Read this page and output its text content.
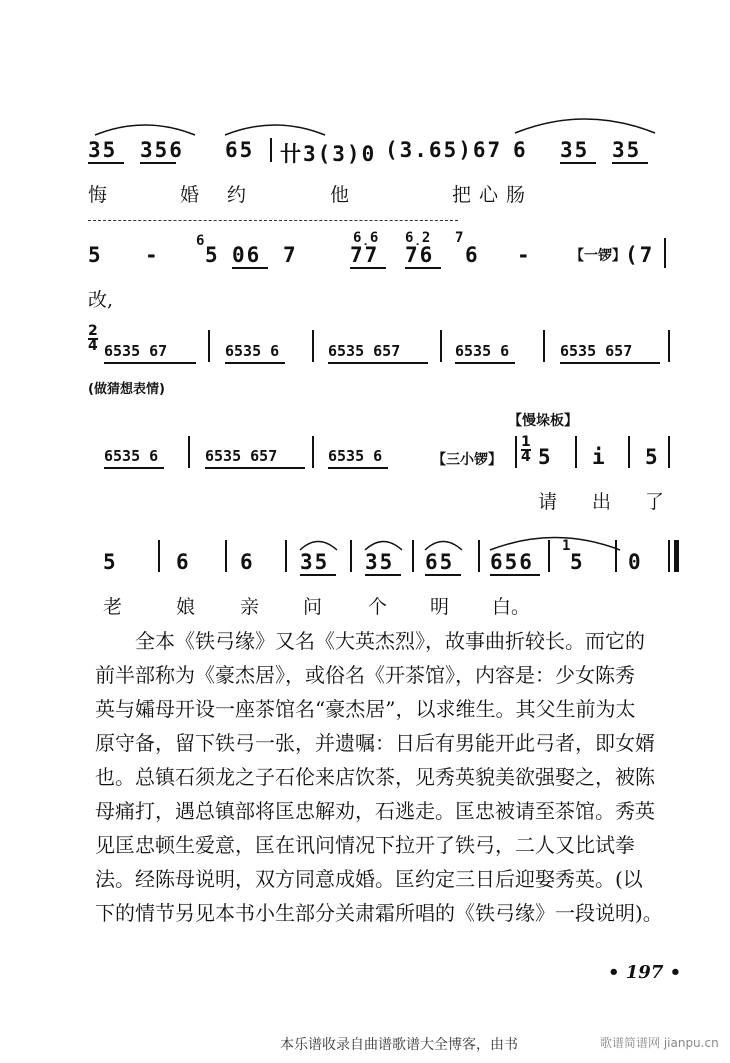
35 356 65 卄3(3)0 (3.65)67 6 35 35
悔	婚 约	他	把心肠
6	6̣6 6̣2 7
5 - 5 06 7 77 76 6 -	【一锣】 (7
改,
2
4 6535 67	6535 6	6535 657	6535 6	6535 657
(做猜想表情)
【慢垛板】
6535 6	6535 657	6535 6	【三小锣】
1
4 5 i 5
请 出 了
5	6 6 35 35 65 656
1
5 0
老	娘 亲 问 个 明 白。

全本《铁弓缘》又名《大英杰烈》，故事曲折较长。而它的

前半部称为《豪杰居》，或俗名《开茶馆》，内容是：少女陈秀

英与孀母开设一座茶馆名“豪杰居”，以求维生。其父生前为太

原守备，留下铁弓一张，并遗嘱：日后有男能开此弓者，即女婿

也。总镇石须龙之子石伦来店饮茶，见秀英貌美欲强娶之，被陈

母痛打，遇总镇部将匡忠解劝，石逃走。匡忠被请至茶馆。秀英

见匡忠顿生爱意，匡在讯问情况下拉开了铁弓，二人又比试拳

法。经陈母说明，双方同意成婚。匡约定三日后迎娶秀英。(以

下的情节另见本书小生部分关肃霜所唱的《铁弓缘》一段说明)。

• 197 •
本乐谱收录自曲谱歌谱大全博客，由书	歌谱简谱网 jianpu.cn
